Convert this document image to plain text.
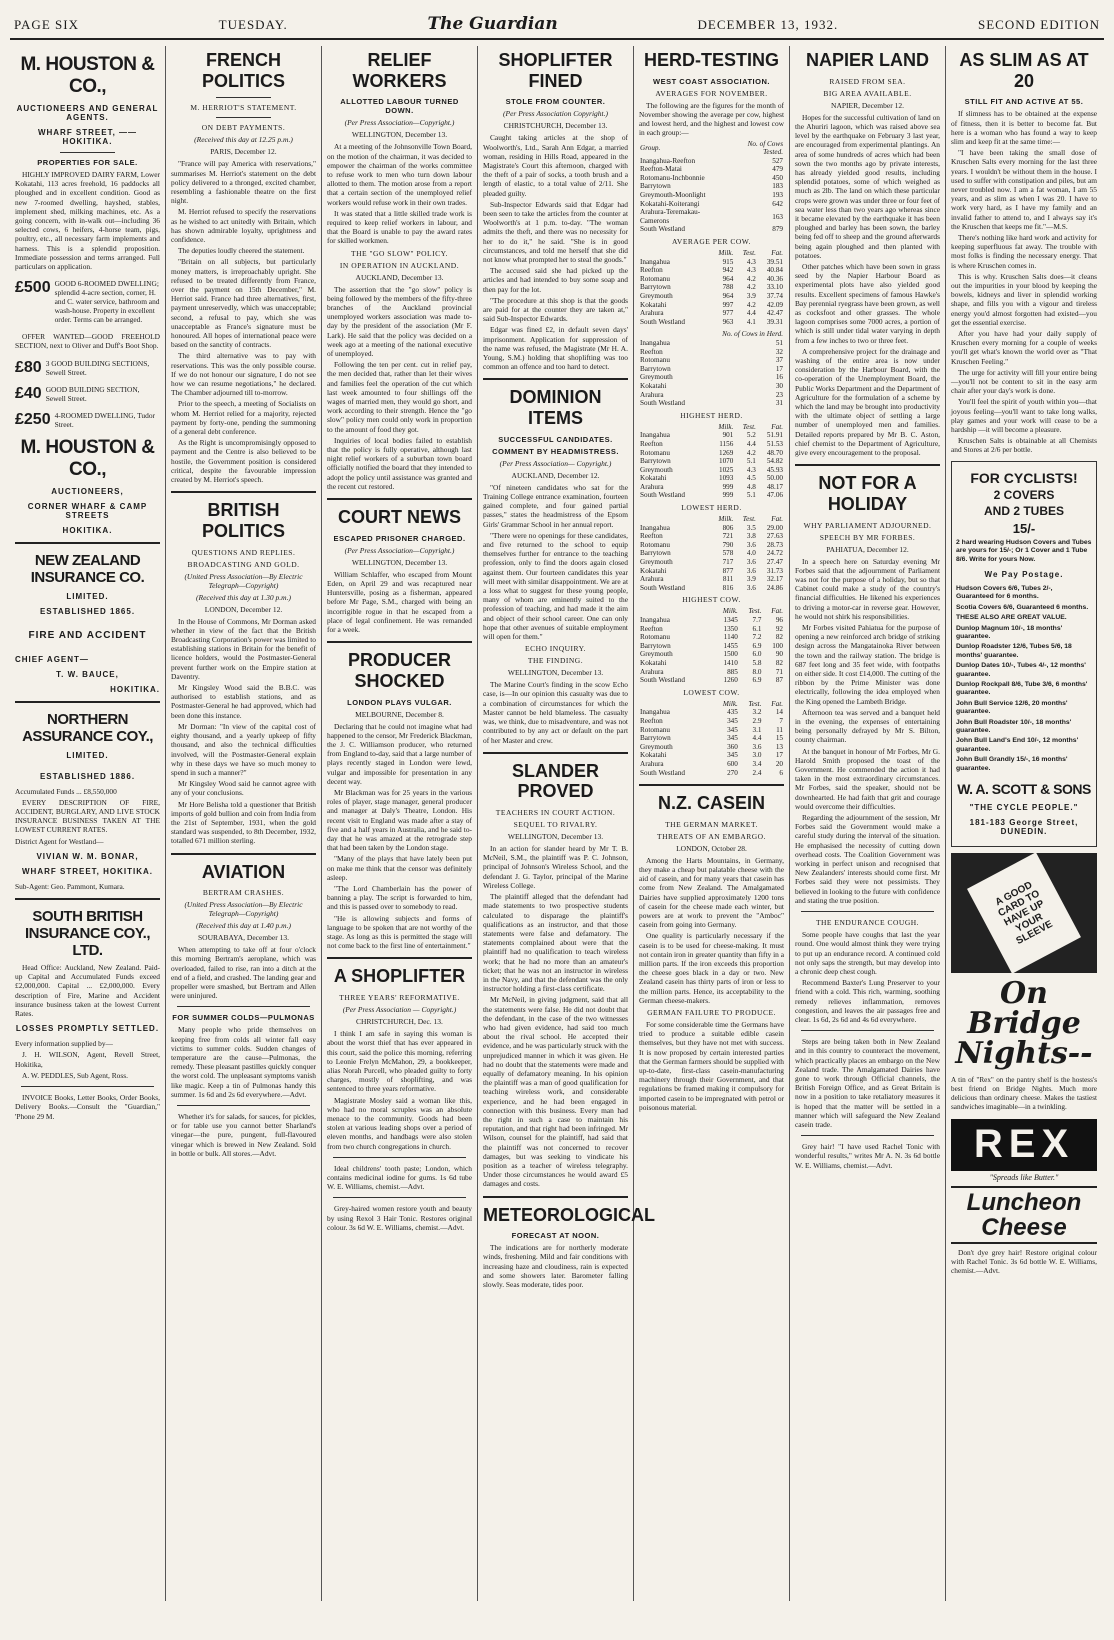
PAGE SIX	TUESDAY.	The Guardian	DECEMBER 13, 1932.	SECOND EDITION
M. HOUSTON & CO.,
AUCTIONEERS AND GENERAL AGENTS.
WHARF STREET, —— HOKITIKA.
PROPERTIES FOR SALE.

HIGHLY IMPROVED DAIRY FARM, Lower Kokatahi, 113 acres freehold, 16 paddocks all ploughed and in excellent condition. Good as new 7-roomed dwelling, hayshed, stables, implement shed, milking machines, etc. As a going concern, with in-walk out—including 36 selected cows, 6 heifers, 4-horse team, pigs, poultry, etc., all necessary farm implements and harness. This is a splendid proposition. Immediate possession and terms arranged. Full particulars on application.

£500 GOOD 6-ROOMED DWELLING; splendid 4-acre section, corner, H. and C. water service, bathroom and wash-house. Property in excellent order. Terms can be arranged.

OFFER WANTED—GOOD FREEHOLD SECTION, next to Oliver and Duff's Boot Shop.

£80 3 GOOD BUILDING SECTIONS, Sewell Street.
£40 GOOD BUILDING SECTION, Sewell Street.
£250 4-ROOMED DWELLING, Tudor Street.
M. HOUSTON & CO.,
AUCTIONEERS,
CORNER WHARF & CAMP STREETS
HOKITIKA.
NEW ZEALAND INSURANCE CO.
LIMITED.
ESTABLISHED 1865.
FIRE AND ACCIDENT
CHIEF AGENT—
T. W. BAUCE,
HOKITIKA.
NORTHERN ASSURANCE COY.,
LIMITED.
ESTABLISHED 1886.

Accumulated Funds ... £8,550,000

EVERY DESCRIPTION OF FIRE, ACCIDENT, BURGLARY, AND LIVE STOCK INSURANCE BUSINESS TAKEN AT THE LOWEST CURRENT RATES.

District Agent for Westland—

VIVIAN W. M. BONAR,
WHARF STREET, HOKITIKA.

Sub-Agent: Geo. Pammont, Kumara.

SOUTH BRITISH INSURANCE COY., LTD.

Head Office: Auckland, New Zealand. Paid-up Capital and Accumulated Funds exceed £2,000,000. Capital ... £2,000,000. Every description of Fire, Marine and Accident insurance business taken at the lowest Current Rates.

LOSSES PROMPTLY SETTLED.

Every information supplied by—

J. H. WILSON, Agent, Revell Street, Hokitika,

A. W. PEDDLES, Sub Agent, Ross.

INVOICE Books, Letter Books, Order Books, Delivery Books.—Consult the "Guardian," 'Phone 29 M.

FRENCH POLITICS
M. HERRIOT'S STATEMENT.
ON DEBT PAYMENTS.
(Received this day at 12.25 p.m.)
PARIS, December 12.

"France will pay America with reservations," summarises M. Herriot's statement on the debt policy delivered to a thronged, excited chamber, resembling a fashionable theatre on the first night.

M. Herriot refused to specify the reservations as he wished to act unitedly with Britain, which has shown admirable loyalty, uprightness and confidence.

The deputies loudly cheered the statement.

"Britain on all subjects, but particularly money matters, is irreproachably upright. She refused to be treated differently from France, over the payment on 15th December," M. Herriot said. France had three alternatives, first, payment unreservedly, which was unacceptable; second, a refusal to pay, which she was unacceptable as France's signature must be honoured. All hopes of international peace were based on the sanctity of contracts.

The third alternative was to pay with reservations. This was the only possible course. If we do not honour our signature, I do not see how we can resume negotiations," he declared. The Chamber adjourned till to-morrow.

Prior to the speech, a meeting of Socialists on whom M. Herriot relied for a majority, rejected payment by forty-one, pending the summoning of a general debt conference.

As the Right is uncompromisingly opposed to payment and the Centre is also believed to be hostile, the Government position is considered critical, despite the favourable impression created by M. Herriot's speech.

BRITISH POLITICS
QUESTIONS AND REPLIES.
BROADCASTING AND GOLD.
(United Press Association—By Electric Telegraph—Copyright)
(Received this day at 1.30 p.m.)
LONDON, December 12.

In the House of Commons, Mr Dorman asked whether in view of the fact that the British Broadcasting Corporation's power was limited to establishing stations in Britain for the benefit of licence holders, would the Postmaster-General prevent further work on the Empire station at Daventry.

Mr Kingsley Wood said the B.B.C. was authorised to establish stations, and as Postmaster-General he had approved, which had been done this instance.

Mr Dorman: "In view of the capital cost of eighty thousand, and a yearly upkeep of fifty thousand, and also the technical difficulties involved, will the Postmaster-General explain why in these days we have so much money to spend in such a manner?"

Mr Kingsley Wood said he cannot agree with any of your conclusions.

Mr Hore Belisha told a questioner that British imports of gold bullion and coin from India from the 21st of September, 1931, when the gold standard was suspended, to 8th December, 1932, totalled 671 million sterling.

AVIATION
BERTRAM CRASHES.
(United Press Association—By Electric Telegraph—Copyright)
(Received this day at 1.40 p.m.)
SOURABAYA, December 13.

When attempting to take off at four o'clock this morning Bertram's aeroplane, which was overloaded, failed to rise, ran into a ditch at the end of a field, and crashed. The landing gear and propeller were smashed, but Bertram and Allen were uninjured.

FOR SUMMER COLDS—PULMONAS

Many people who pride themselves on keeping free from colds all winter fall easy victims to summer colds. Sudden changes of temperature are the cause—Pulmonas, the remedy. These pleasant pastilles quickly conquer the worst cold. The unpleasant symptoms vanish like magic. Keep a tin of Pulmonas handy this summer. 1s 6d and 2s 6d everywhere.—Advt.

Whether it's for salads, for sauces, for pickles, or for table use you cannot better Sharland's vinegar—the pure, pungent, full-flavoured vinegar which is brewed in New Zealand. Sold in bottle or bulk. All stores.—Advt.

RELIEF WORKERS
ALLOTTED LABOUR TURNED DOWN.
(Per Press Association—Copyright.)
WELLINGTON, December 13.

At a meeting of the Johnsonville Town Board, on the motion of the chairman, it was decided to empower the chairman of the works committee to refuse work to men who turn down labour allotted to them. The motion arose from a report that a certain section of the unemployed relief workers would refuse work in their own trades.

It was stated that a little skilled trade work is required to keep relief workers in labour, and that the Board is unable to pay the award rates for skilled workmen.

THE "GO SLOW" POLICY.
IN OPERATION IN AUCKLAND.
AUCKLAND, December 13.

The assertion that the "go slow" policy is being followed by the members of the fifty-three branches of the Auckland provincial unemployed workers association was made to-day by the president of the association (Mr F. Lark). He said that the policy was decided on a week ago at a meeting of the national executive of unemployed.

Following the ten per cent. cut in relief pay, the men decided that, rather than let their wives and families feel the operation of the cut which last week amounted to four shillings off the wages of married men, they would go short, and work according to their strength. Hence the "go slow" policy men could only work in proportion to the amount of food they got.

Inquiries of local bodies failed to establish that the policy is fully operative, although last night relief workers of a suburban town board officially notified the board that they intended to adopt the policy until assistance was granted and the recent cut restored.

COURT NEWS
ESCAPED PRISONER CHARGED.
(Per Press Association—Copyright.)
WELLINGTON, December 13.

William Schlaffer, who escaped from Mount Eden, on April 29 and was recaptured near Huntersville, posing as a fisherman, appeared before Mr Page, S.M., charged with being an incorrigible rogue in that he escaped from a place of legal confinement. He was remanded for a week.

PRODUCER SHOCKED
LONDON PLAYS VULGAR.
MELBOURNE, December 8.

Declaring that he could not imagine what had happened to the censor, Mr Frederick Blackman, the J. C. Williamson producer, who returned from England to-day, said that a large number of plays recently staged in London were lewd, vulgar and impossible for presentation in any decent way.

Mr Blackman was for 25 years in the various roles of player, stage manager, general producer and manager at Daly's Theatre, London. His recent visit to England was made after a stay of five and a half years in Australia, and he said to-day that he was amazed at the retrograde step that had been taken by the London stage.

"Many of the plays that have lately been put on make me think that the censor was definitely asleep.

"The Lord Chamberlain has the power of banning a play. The script is forwarded to him, and this is passed over to somebody to read.

"He is allowing subjects and forms of language to be spoken that are not worthy of the stage. As long as this is permitted the stage will not come back to the first line of entertainment."

A SHOPLIFTER
THREE YEARS' REFORMATIVE.
(Per Press Association — Copyright.)
CHRISTCHURCH, Dec. 13.

I think I am safe in saying this woman is about the worst thief that has ever appeared in this court, said the police this morning, referring to Leonie Frelyn McMahon, 29, a bookkeeper, alias Norah Purcell, who pleaded guilty to forty charges, mostly of shoplifting, and was sentenced to three years reformative.

Magistrate Mosley said a woman like this, who had no moral scruples was an absolute menace to the community. Goods had been stolen at various leading shops over a period of eleven months, and handbags were also stolen from two church congregations in church.

Ideal childrens' tooth paste; London, which contains medicinal iodine for gums. 1s 6d tube W. E. Williams, chemist.—Advt.

Grey-haired women restore youth and beauty by using Rexol 3 Hair Tonic. Restores original colour. 3s 6d W. E. Williams, chemist.—Advt.

SHOPLIFTER FINED
STOLE FROM COUNTER.
(Per Press Association Copyright.)
CHRISTCHURCH, December 13.

Caught taking articles at the shop of Woolworth's, Ltd., Sarah Ann Edgar, a married woman, residing in Hills Road, appeared in the Magistrate's Court this afternoon, charged with the theft of a pair of socks, a tooth brush and a length of elastic, to a total value of 2/11. She pleaded guilty.

Sub-Inspector Edwards said that Edgar had been seen to take the articles from the counter at Woolworth's at 1 p.m. to-day. "The woman admits the theft, and there was no necessity for her to do it," he said. "She is in good circumstances, and told me herself that she did not know what prompted her to steal the goods."

The accused said she had picked up the articles and had intended to buy some soap and then pay for the lot.

"The procedure at this shop is that the goods are paid for at the counter they are taken at," said Sub-Inspector Edwards.

Edgar was fined £2, in default seven days' imprisonment. Application for suppression of the name was refused, the Magistrate (Mr H. A. Young, S.M.) holding that shoplifting was too common an offence and too hard to detect.

DOMINION ITEMS
SUCCESSFUL CANDIDATES.
COMMENT BY HEADMISTRESS.
(Per Press Association— Copyright.)
AUCKLAND, December 12.

"Of nineteen candidates who sat for the Training College entrance examination, fourteen gained complete, and four gained partial passes," states the headmistress of the Epsom Girls' Grammar School in her annual report.

"There were no openings for these candidates, and five returned to the school to equip themselves further for entrance to the teaching profession, only to find the doors again closed against them. Our fourteen candidates this year will meet with similar disappointment. We are at a loss what to suggest for these young people, many of whom are eminently suited to the profession of teaching, and had made it the aim and object of their school career. One can only hope that other avenues of suitable employment will open for them."

ECHO INQUIRY.
THE FINDING.
WELLINGTON, December 13.

The Marine Court's finding in the scow Echo case, is—In our opinion this casualty was due to a combination of circumstances for which the Master cannot be held blameless. The casualty was, we think, due to misadventure, and was not contributed to by any act or default on the part of her Master and crew.

SLANDER PROVED
TEACHERS IN COURT ACTION.
SEQUEL TO RIVALRY.
WELLINGTON, December 13.

In an action for slander heard by Mr T. B. McNeil, S.M., the plaintiff was P. C. Johnson, principal of Johnson's Wireless School, and the defendant J. G. Taylor, principal of the Marine Wireless College.

The plaintiff alleged that the defendant had made statements to two prospective students calculated to disparage the plaintiff's qualifications as an instructor, and that those statements were false and defamatory. The statements complained about were that the plaintiff had no qualification to teach wireless work; that he had no more than an amateur's ticket; that he was not an instructor in wireless in the Navy, and that the defendant was the only instructor holding a first-class certificate.

Mr McNeil, in giving judgment, said that all the statements were false. He did not doubt that the defendant, in the case of the two witnesses who had given evidence, had said too much about the rival school. He accepted their evidence, and he was particularly struck with the unprejudiced manner in which it was given. He had no doubt that the statements were made and equally of defamatory meaning. In his opinion the plaintiff was a man of good qualification for teaching wireless work, and considerable experience, and he had been engaged in connection with this business. Every man had the right in such a case to maintain his reputation, and that right had been infringed. Mr Wilson, counsel for the plaintiff, had said that the plaintiff was not concerned to recover damages, but was seeking to vindicate his position as a teacher of wireless telegraphy. Under those circumstances he would award £5 damages and costs.

METEOROLOGICAL
FORECAST AT NOON.

The indications are for northerly moderate winds, freshening. Mild and fair conditions with increasing haze and cloudiness, rain is expected and some showers later. Barometer falling slowly. Seas moderate, tides poor.

HERD-TESTING
WEST COAST ASSOCIATION.
AVERAGES FOR NOVEMBER.

The following are the figures for the month of November showing the average per cow, highest and lowest herd, and the highest and lowest cow in each group:—

Group.	No. of Cows Tested.
Inangahua-Reefton	527
Reefton-Matai	479
Rotomanu-Inchbonnie	450
Barrytown	183
Greymouth-Moonlight	193
Kokatahi-Koiterangi	642
Arahura-Teremakau-Camerons	163
South Westland	879
AVERAGE PER COW.
	Milk.	Test.	Fat.
Inangahua	915	4.3	39.51
Reefton	942	4.3	40.84
Rotomanu	964	4.2	40.36
Barrytown	788	4.2	33.10
Greymouth	964	3.9	37.74
Kokatahi	997	4.2	42.09
Arahura	977	4.4	42.47
South Westland	963	4.1	39.31
	No. of Cows in Herd.
Inangahua	51
Reefton	32
Rotomanu	37
Barrytown	17
Greymouth	16
Kokatahi	30
Arahura	23
South Westland	31
HIGHEST HERD.
	Milk.	Test.	Fat.
Inangahua	901	5.2	51.91
Reefton	1156	4.4	51.53
Rotomanu	1269	4.2	48.70
Barrytown	1070	5.1	54.82
Greymouth	1025	4.3	45.93
Kokatahi	1093	4.5	50.00
Arahura	999	4.8	48.17
South Westland	999	5.1	47.06
LOWEST HERD.
	Milk.	Test.	Fat.
Inangahua	806	3.5	29.00
Reefton	721	3.8	27.63
Rotomanu	790	3.6	28.73
Barrytown	578	4.0	24.72
Greymouth	717	3.6	27.47
Kokatahi	877	3.6	31.73
Arahura	811	3.9	32.17
South Westland	816	3.6	24.86
HIGHEST COW.
	Milk.	Test.	Fat.
Inangahua	1345	7.7	96
Reefton	1350	6.1	92
Rotomanu	1140	7.2	82
Barrytown	1455	6.9	100
Greymouth	1500	6.0	90
Kokatahi	1410	5.8	82
Arahura	885	8.0	71
South Westland	1260	6.9	87
LOWEST COW.
	Milk.	Test.	Fat.
Inangahua	435	3.2	14
Reefton	345	2.9	7
Rotomanu	345	3.1	11
Barrytown	345	4.4	15
Greymouth	360	3.6	13
Kokatahi	345	3.0	17
Arahura	600	3.4	20
South Westland	270	2.4	6
N.Z. CASEIN
THE GERMAN MARKET.
THREATS OF AN EMBARGO.
LONDON, October 28.

Among the Harts Mountains, in Germany, they make a cheap but palatable cheese with the aid of casein, and for many years that casein has come from New Zealand. The Amalgamated Dairies have supplied approximately 1200 tons of casein for the cheese made each winter, but powers are at work to prevent the "Amboc" casein from going into Germany.

One quality is particularly necessary if the casein is to be used for cheese-making. It must not contain iron in greater quantity than fifty in a million parts. If the iron exceeds this proportion the cheese goes black in a day or two. New Zealand casein has thirty parts of iron or less to the million parts. Hence, its acceptability to the German cheese-makers.

GERMAN FAILURE TO PRODUCE.

For some considerable time the Germans have tried to produce a suitable edible casein themselves, but they have not met with success. It is now proposed by certain interested parties that the German farmers should be supplied with up-to-date, first-class casein-manufacturing machinery through their Government, and that regulations be framed making it compulsory for imported casein to be impregnated with petrol or poisonous material.

NAPIER LAND
RAISED FROM SEA.
BIG AREA AVAILABLE.
NAPIER, December 12.

Hopes for the successful cultivation of land on the Ahuriri lagoon, which was raised above sea level by the earthquake on February 3 last year, are encouraged from experimental plantings. An area of some hundreds of acres which had been sown the two months ago by private interests, has already yielded good results, including splendid potatoes, some of which weighed as much as 2lb. The land on which these particular crops were grown was under three or four feet of sea water less than two years ago whereas since it became elevated by the earthquake it has been ploughed and barley has been sown, the barley being fed off to sheep and the ground afterwards being again ploughed and then planted with potatoes.

Other patches which have been sown in grass seed by the Napier Harbour Board as experimental plots have also yielded good results. Excellent specimens of famous Hawke's Bay perennial ryegrass have been grown, as well as cocksfoot and other grasses. The whole lagoon comprises some 7000 acres, a portion of which is still under tidal water varying in depth from a few inches to two or three feet.

A comprehensive project for the drainage and washing of the entire area is now under consideration by the Harbour Board, with the co-operation of the Unemployment Board, the Public Works Department and the Department of Agriculture for the formulation of a scheme by which the land may be brought into productivity with the ultimate object of settling a large number of unemployed men and families. Detailed reports prepared by Mr B. C. Aston, chief chemist to the Department of Agriculture, give every encouragement to the proposal.

NOT FOR A HOLIDAY
WHY PARLIAMENT ADJOURNED.
SPEECH BY MR FORBES.
PAHIATUA, December 12.

In a speech here on Saturday evening Mr Forbes said that the adjournment of Parliament was not for the purpose of a holiday, but so that Cabinet could make a study of the country's financial difficulties. He likened his experiences to driving a motor-car in reverse gear. However, he would not shirk his responsibilities.

Mr Forbes visited Pahiatua for the purpose of opening a new reinforced arch bridge of striking design across the Mangatainoka River between the town and the railway station. The bridge is 687 feet long and 35 feet wide, with footpaths on either side. It cost £14,000. The cutting of the ribbon by the Prime Minister was done electrically, following the idea employed when the King opened the Lambeth Bridge.

Afternoon tea was served and a banquet held in the evening, the expenses of entertaining being personally defrayed by Mr S. Bilton, county chairman.

At the banquet in honour of Mr Forbes, Mr G. Harold Smith proposed the toast of the Government. He commended the action it had taken in the most extraordinary circumstances. Mr Forbes, said the speaker, should not be downhearted. He had faith that grit and courage would overcome their difficulties.

Regarding the adjournment of the session, Mr Forbes said the Government would make a careful study during the interval of the situation. He emphasised the necessity of cutting down overhead costs. The Coalition Government was working in perfect unison and recognised that New Zealanders' interests should come first. Mr Forbes said they were not pessimists. They believed in looking to the future with confidence and stating the true position.

THE ENDURANCE COUGH.

Some people have coughs that last the year round. One would almost think they were trying to put up an endurance record. A continued cold not only saps the strength, but may develop into a chronic deep chest cough.

Recommend Baxter's Lung Preserver to your friend with a cold. This rich, warming, soothing remedy relieves inflammation, removes congestion, and leaves the air passages free and clear. 1s 6d, 2s 6d and 4s 6d everywhere.

Steps are being taken both in New Zealand and in this country to counteract the movement, which practically places an embargo on the New Zealand trade. The Amalgamated Dairies have gone to work through Official channels, the British Foreign Office, and as Great Britain is now in a position to take retaliatory measures it is hoped that the matter will be settled in a manner which will safeguard the New Zealand casein trade.

Grey hair! "I have used Rachel Tonic with wonderful results," writes Mr A. N. 3s 6d bottle W. E. Williams, chemist.—Advt.

AS SLIM AS AT 20
STILL FIT AND ACTIVE AT 55.

If slimness has to be obtained at the expense of fitness, then it is better to become fat. But here is a woman who has found a way to keep slim and keep fit at the same time:—

"I have been taking the small dose of Kruschen Salts every morning for the last three years. I wouldn't be without them in the house. I used to suffer with constipation and piles, but am never troubled now. I am a fat woman, I am 55 years, and as slim as when I was 20. I have to work very hard, as I have my family and an invalid father to attend to, and I always say it's the Kruschen that keeps me fit."—M.S.

There's nothing like hard work and activity for keeping superfluous fat away. The trouble with most folks is finding the necessary energy. That is where Kruschen comes in.

This is why. Kruschen Salts does—it cleans out the impurities in your blood by keeping the bowels, kidneys and liver in splendid working shape, and fills you with a vigour and tireless energy you'd almost forgotten had existed—you get the essential exercise.

After you have had your daily supply of Kruschen every morning for a couple of weeks you'll get what's known the world over as "That Kruschen Feeling."

The urge for activity will fill your entire being—you'll not be content to sit in the easy arm chair after your day's work is done.

You'll feel the spirit of youth within you—that joyous feeling—you'll want to take long walks, play games and your work will cease to be a hardship —it will become a pleasure.

Kruschen Salts is obtainable at all Chemists and Stores at 2/6 per bottle.

FOR CYCLISTS!
2 COVERS
AND 2 TUBES
15/-

2 hard wearing Hudson Covers and Tubes are yours for 15/-; Or 1 Cover and 1 Tube 8/6. Write for yours Now.

We Pay Postage.

Hudson Covers 6/6, Tubes 2/-, Guaranteed for 6 months.

Scotia Covers 6/6, Guaranteed 6 months.

THESE ALSO ARE GREAT VALUE.

Dunlop Magnum 10/-, 18 months' guarantee.

Dunlop Roadster 12/6, Tubes 5/6, 18 months' guarantee.

Dunlop Dates 10/-, Tubes 4/-, 12 months' guarantee.

Dunlop Rockpall 8/6, Tube 3/6, 6 months' guarantee.

John Bull Service 12/6, 20 months' guarantee.

John Bull Roadster 10/-, 18 months' guarantee.

John Bull Land's End 10/-, 12 months' guarantee.

John Bull Grandly 15/-, 16 months' guarantee.

W. A. SCOTT & SONS
"THE CYCLE PEOPLE."
181-183 George Street, DUNEDIN.
A GOOD CARD TO HAVE UP YOUR SLEEVE
On Bridge Nights--

A tin of "Rex" on the pantry shelf is the hostess's best friend on Bridge Nights. Much more delicious than ordinary cheese. Makes the tastiest sandwiches imaginable—in a twinkling.

REX
"Spreads like Butter."
Luncheon Cheese

Don't dye grey hair! Restore original colour with Rachel Tonic. 3s 6d bottle W. E. Williams, chemist.—Advt.
